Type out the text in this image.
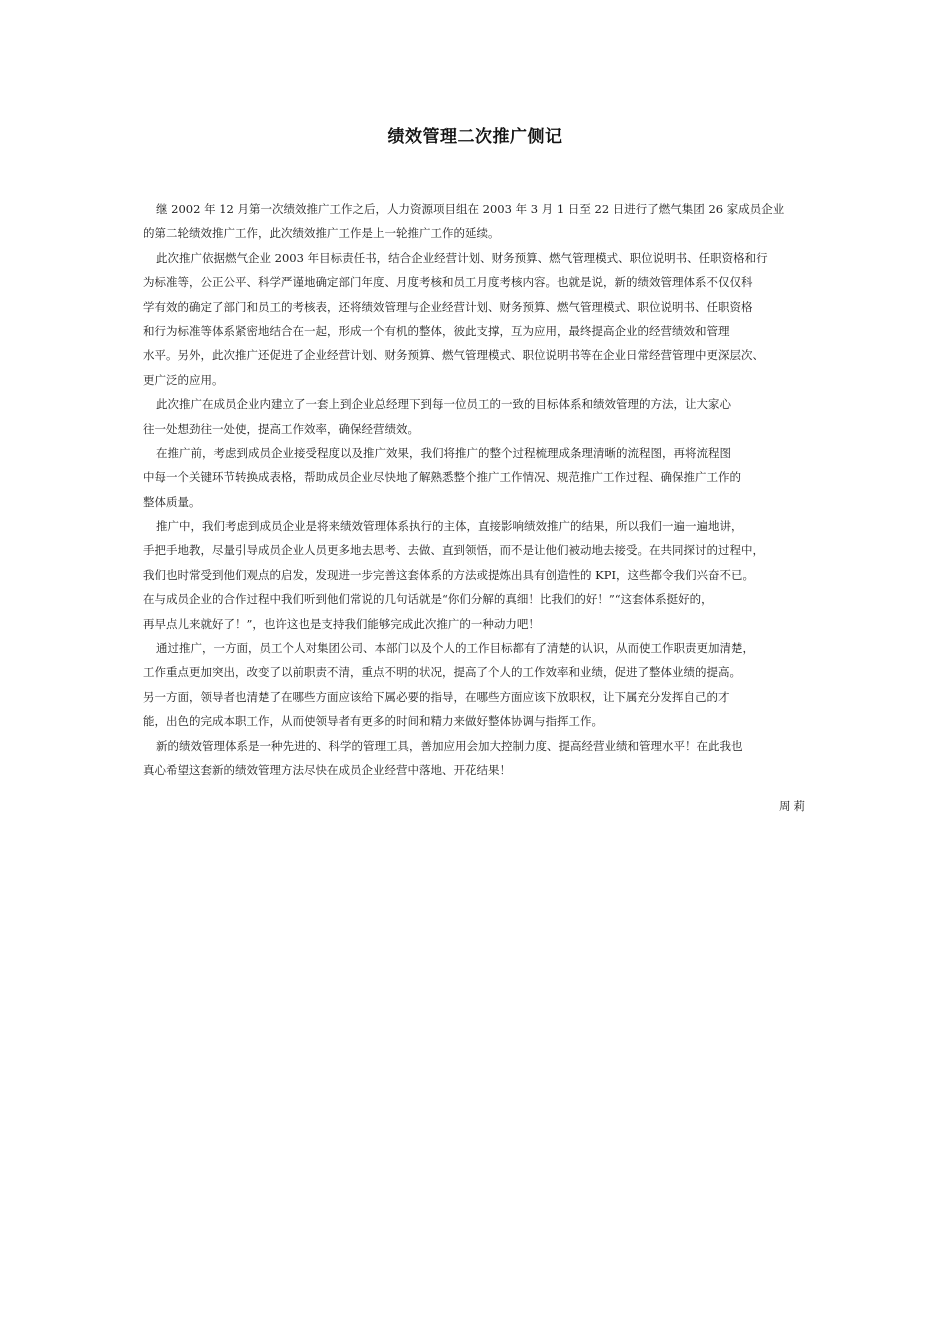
绩效管理二次推广侧记
继 2002 年 12 月第一次绩效推广工作之后，人力资源项目组在 2003 年 3 月 1 日至 22 日进行了燃气集团 26 家成员企业
的第二轮绩效推广工作，此次绩效推广工作是上一轮推广工作的延续。
此次推广依据燃气企业 2003 年目标责任书，结合企业经营计划、财务预算、燃气管理模式、职位说明书、任职资格和行
为标准等，公正公平、科学严谨地确定部门年度、月度考核和员工月度考核内容。也就是说，新的绩效管理体系不仅仅科
学有效的确定了部门和员工的考核表，还将绩效管理与企业经营计划、财务预算、燃气管理模式、职位说明书、任职资格
和行为标准等体系紧密地结合在一起，形成一个有机的整体，彼此支撑，互为应用，最终提高企业的经营绩效和管理
水平。另外，此次推广还促进了企业经营计划、财务预算、燃气管理模式、职位说明书等在企业日常经营管理中更深层次、
更广泛的应用。
此次推广在成员企业内建立了一套上到企业总经理下到每一位员工的一致的目标体系和绩效管理的方法，让大家心
往一处想劲往一处使，提高工作效率，确保经营绩效。
在推广前，考虑到成员企业接受程度以及推广效果，我们将推广的整个过程梳理成条理清晰的流程图，再将流程图
中每一个关键环节转换成表格，帮助成员企业尽快地了解熟悉整个推广工作情况、规范推广工作过程、确保推广工作的
整体质量。
推广中，我们考虑到成员企业是将来绩效管理体系执行的主体，直接影响绩效推广的结果，所以我们一遍一遍地讲，
手把手地教，尽量引导成员企业人员更多地去思考、去做、直到领悟，而不是让他们被动地去接受。在共同探讨的过程中，
我们也时常受到他们观点的启发，发现进一步完善这套体系的方法或提炼出具有创造性的 KPI，这些都令我们兴奋不已。
在与成员企业的合作过程中我们听到他们常说的几句话就是“你们分解的真细！比我们的好！”“这套体系挺好的，
再早点儿来就好了！”，也许这也是支持我们能够完成此次推广的一种动力吧！
通过推广，一方面，员工个人对集团公司、本部门以及个人的工作目标都有了清楚的认识，从而使工作职责更加清楚，
工作重点更加突出，改变了以前职责不清，重点不明的状况，提高了个人的工作效率和业绩，促进了整体业绩的提高。
另一方面，领导者也清楚了在哪些方面应该给下属必要的指导，在哪些方面应该下放职权，让下属充分发挥自己的才
能，出色的完成本职工作，从而使领导者有更多的时间和精力来做好整体协调与指挥工作。
新的绩效管理体系是一种先进的、科学的管理工具，善加应用会加大控制力度、提高经营业绩和管理水平！在此我也
真心希望这套新的绩效管理方法尽快在成员企业经营中落地、开花结果！
周莉
